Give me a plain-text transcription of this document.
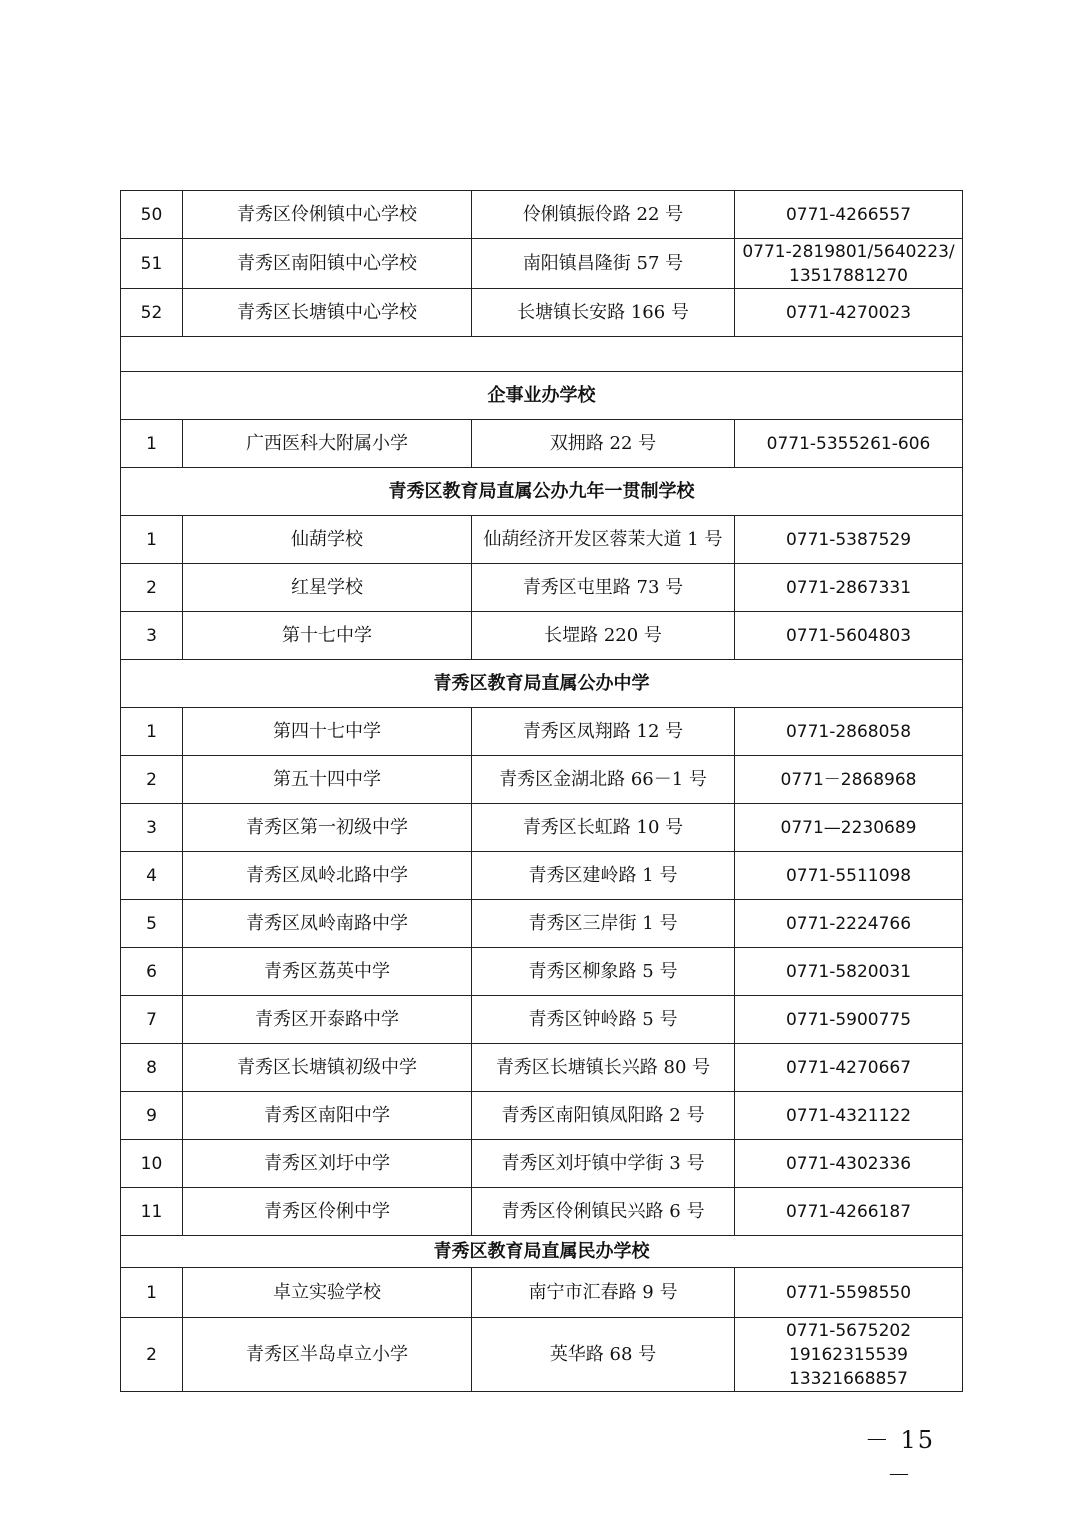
50	青秀区伶俐镇中心学校	伶俐镇振伶路 22 号	0771-4266557

51	青秀区南阳镇中心学校	南阳镇昌隆街 57 号	0771-2819801/5640223/
13517881270

52	青秀区长塘镇中心学校	长塘镇长安路 166 号	0771-4270023

企事业办学校			
1	广西医科大附属小学	双拥路 22 号	0771-5355261-606

青秀区教育局直属公办九年一贯制学校			
1	仙葫学校	仙葫经济开发区蓉茉大道 1 号	0771-5387529

2	红星学校	青秀区屯里路 73 号	0771-2867331

3	第十七中学	长堽路 220 号	0771-5604803

青秀区教育局直属公办中学			
1	第四十七中学	青秀区凤翔路 12 号	0771-2868058

2	第五十四中学	青秀区金湖北路 66－1 号	0771－2868968

3	青秀区第一初级中学	青秀区长虹路 10 号	0771—2230689

4	青秀区凤岭北路中学	青秀区建岭路 1 号	0771-5511098

5	青秀区凤岭南路中学	青秀区三岸街 1 号	0771-2224766

6	青秀区荔英中学	青秀区柳象路 5 号	0771-5820031

7	青秀区开泰路中学	青秀区钟岭路 5 号	0771-5900775

8	青秀区长塘镇初级中学	青秀区长塘镇长兴路 80 号	0771-4270667

9	青秀区南阳中学	青秀区南阳镇凤阳路 2 号	0771-4321122

10	青秀区刘圩中学	青秀区刘圩镇中学街 3 号	0771-4302336

11	青秀区伶俐中学	青秀区伶俐镇民兴路 6 号	0771-4266187

青秀区教育局直属民办学校			
1	卓立实验学校	南宁市汇春路 9 号	0771-5598550

2	青秀区半岛卓立小学	英华路 68 号	0771-5675202
19162315539
13321668857
－ 15 －
